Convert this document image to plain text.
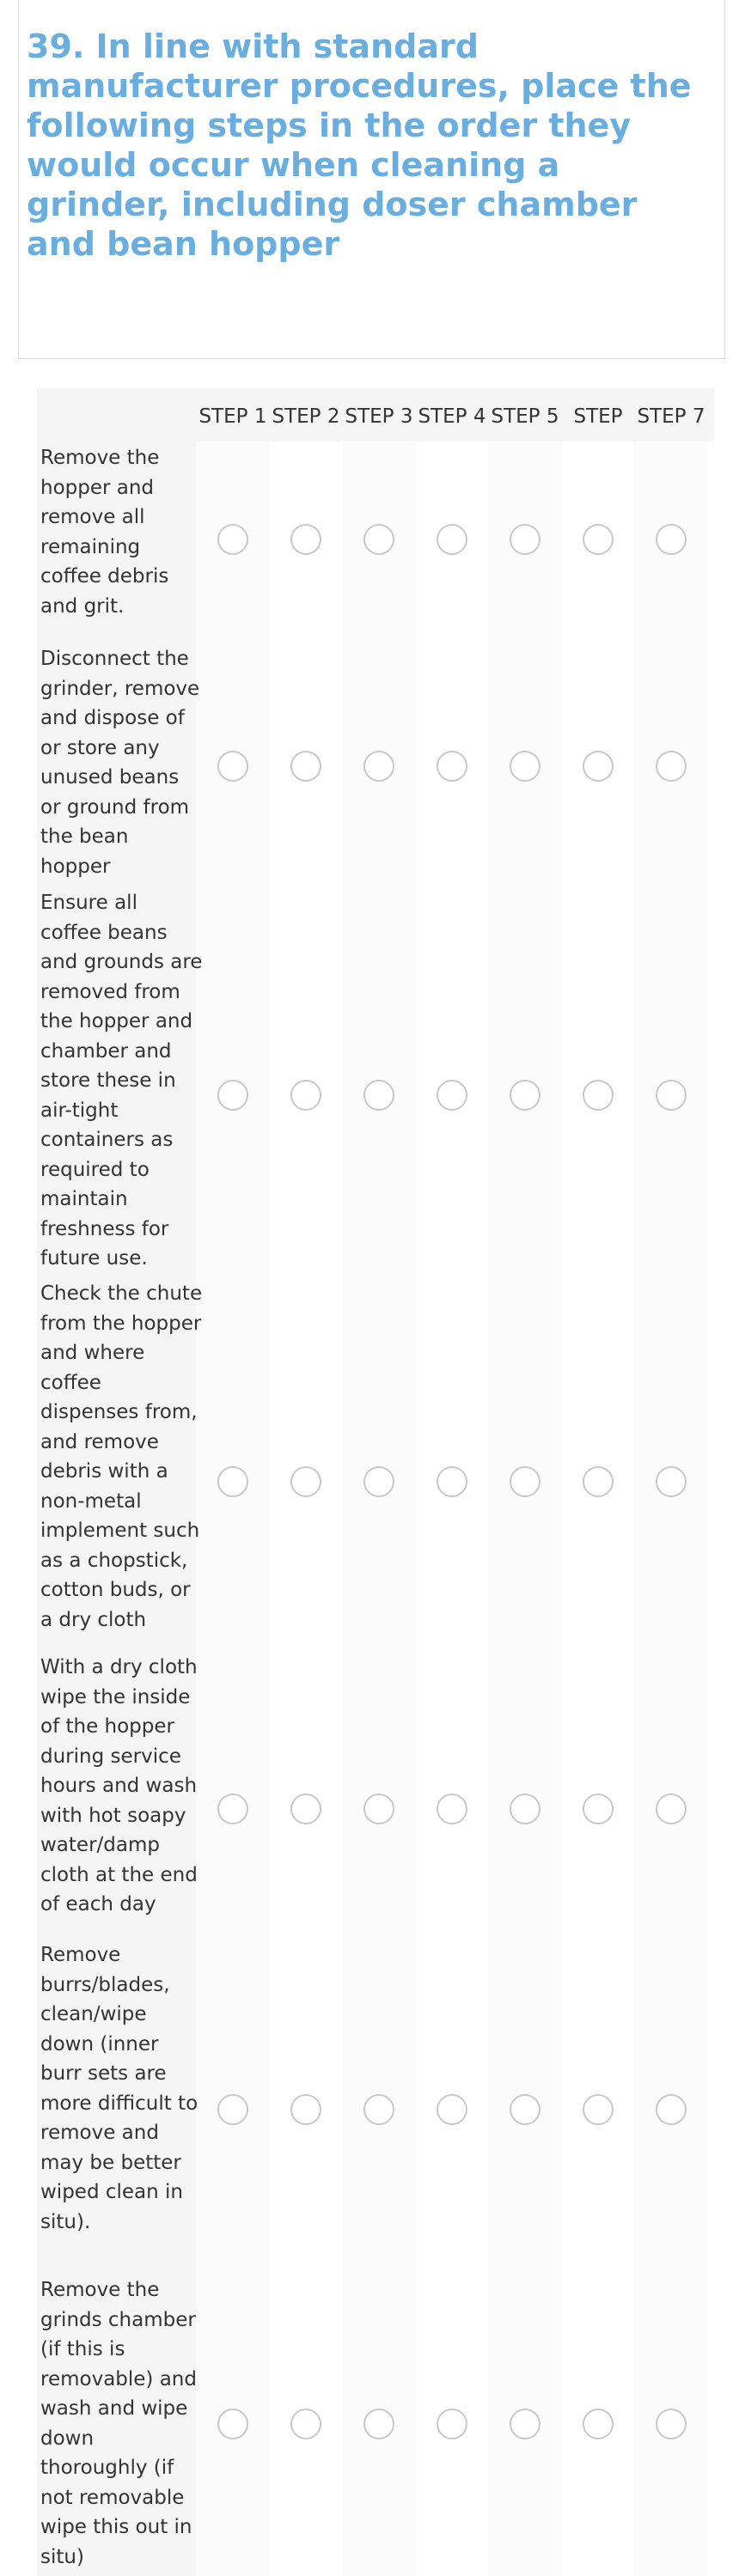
39. In line with standard manufacturer procedures, place the following steps in the order they would occur when cleaning a grinder, including doser chamber and bean hopper
STEP 1 STEP 2 STEP 3 STEP 4 STEP 5 STEP STEP 7
Remove the hopper and remove all remaining coffee debris and grit.
Disconnect the grinder, remove and dispose of or store any unused beans or ground from the bean hopper
Ensure all coffee beans and grounds are removed from the hopper and chamber and store these in air-tight containers as required to maintain freshness for future use.
Check the chute from the hopper and where coffee dispenses from, and remove debris with a non-metal implement such as a chopstick, cotton buds, or a dry cloth
With a dry cloth wipe the inside of the hopper during service hours and wash with hot soapy water/damp cloth at the end of each day
Remove burrs/blades, clean/wipe down (inner burr sets are more difficult to remove and may be better wiped clean in situ).
Remove the grinds chamber (if this is removable) and wash and wipe down thoroughly (if not removable wipe this out in situ)
